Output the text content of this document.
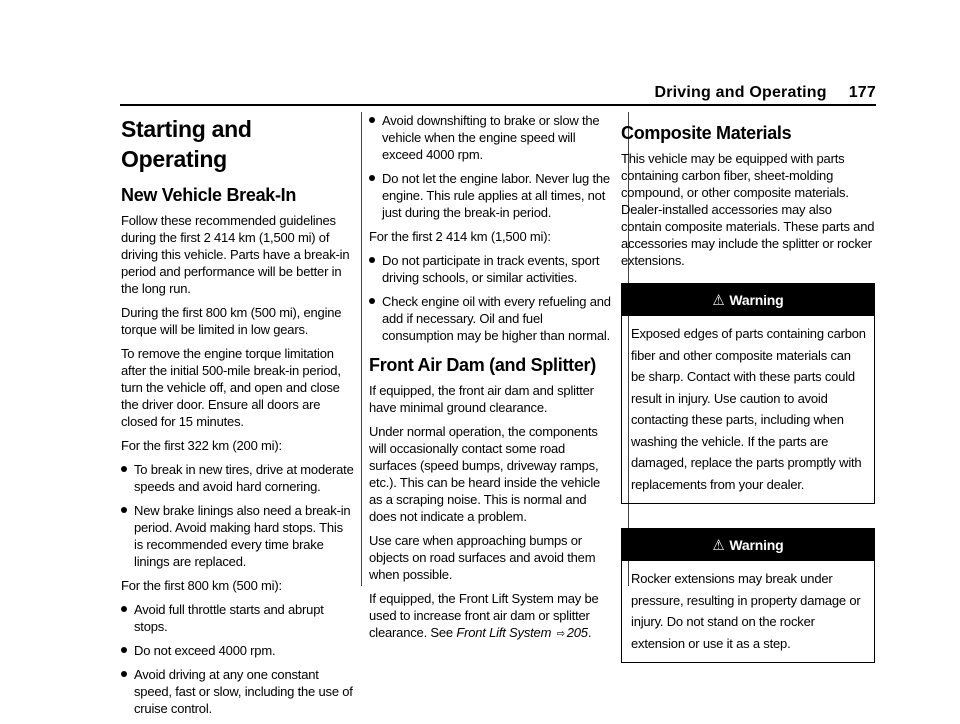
Driving and Operating 177
Starting and Operating
New Vehicle Break-In

Follow these recommended guidelines during the first 2 414 km (1,500 mi) of driving this vehicle. Parts have a break-in period and performance will be better in the long run.

During the first 800 km (500 mi), engine torque will be limited in low gears.

To remove the engine torque limitation after the initial 500-mile break-in period, turn the vehicle off, and open and close the driver door. Ensure all doors are closed for 15 minutes.

For the first 322 km (200 mi):

To break in new tires, drive at moderate speeds and avoid hard cornering.
New brake linings also need a break-in period. Avoid making hard stops. This is recommended every time brake linings are replaced.

For the first 800 km (500 mi):

Avoid full throttle starts and abrupt stops.
Do not exceed 4000 rpm.
Avoid driving at any one constant speed, fast or slow, including the use of cruise control.
Avoid downshifting to brake or slow the vehicle when the engine speed will exceed 4000 rpm.
Do not let the engine labor. Never lug the engine. This rule applies at all times, not just during the break-in period.

For the first 2 414 km (1,500 mi):

Do not participate in track events, sport driving schools, or similar activities.
Check engine oil with every refueling and add if necessary. Oil and fuel consumption may be higher than normal.
Front Air Dam (and Splitter)

If equipped, the front air dam and splitter have minimal ground clearance.

Under normal operation, the components will occasionally contact some road surfaces (speed bumps, driveway ramps, etc.). This can be heard inside the vehicle as a scraping noise. This is normal and does not indicate a problem.

Use care when approaching bumps or objects on road surfaces and avoid them when possible.

If equipped, the Front Lift System may be used to increase front air dam or splitter clearance. See Front Lift System ⇨ 205.

Composite Materials

This vehicle may be equipped with parts containing carbon fiber, sheet-molding compound, or other composite materials. Dealer-installed accessories may also contain composite materials. These parts and accessories may include the splitter or rocker extensions.

⚠ Warning
Exposed edges of parts containing carbon fiber and other composite materials can be sharp. Contact with these parts could result in injury. Use caution to avoid contacting these parts, including when washing the vehicle. If the parts are damaged, replace the parts promptly with replacements from your dealer.
⚠ Warning
Rocker extensions may break under pressure, resulting in property damage or injury. Do not stand on the rocker extension or use it as a step.
